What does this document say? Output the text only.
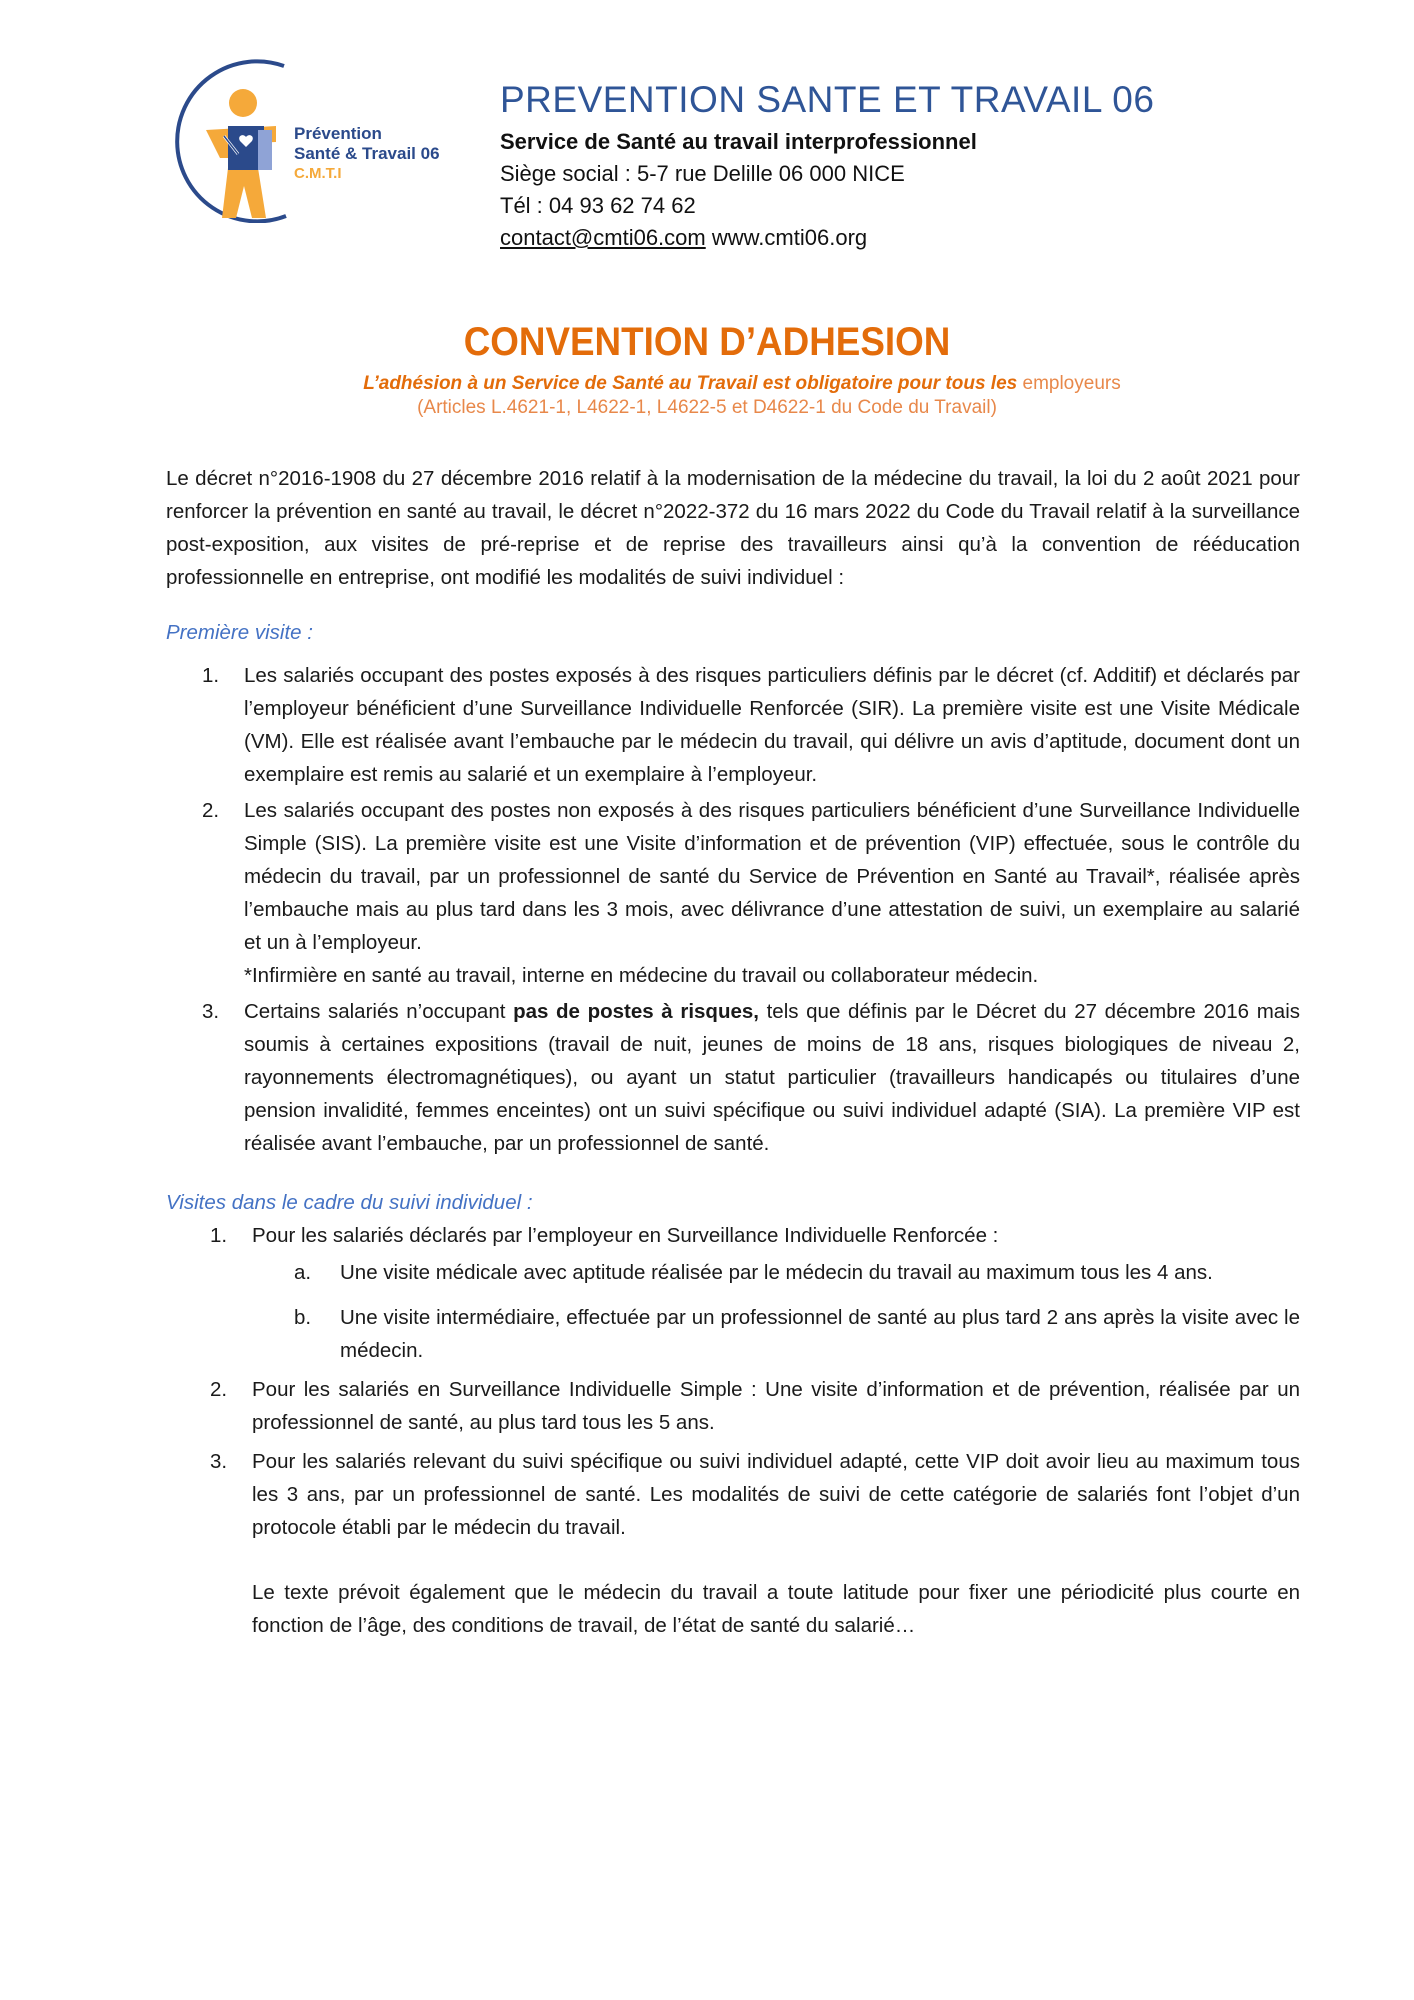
Prévention
Santé & Travail 06
C.M.T.I
PREVENTION SANTE ET TRAVAIL 06
Service de Santé au travail interprofessionnel
Siège social : 5-7 rue Delille 06 000 NICE
Tél : 04 93 62 74 62
contact@cmti06.com www.cmti06.org
CONVENTION D’ADHESION
L’adhésion à un Service de Santé au Travail est obligatoire pour tous les employeurs
(Articles L.4621-1, L4622-1, L4622-5 et D4622-1 du Code du Travail)

Le décret n°2016-1908 du 27 décembre 2016 relatif à la modernisation de la médecine du travail, la loi du 2 août 2021 pour renforcer la prévention en santé au travail, le décret n°2022-372 du 16 mars 2022 du Code du Travail relatif à la surveillance post-exposition, aux visites de pré-reprise et de reprise des travailleurs ainsi qu’à la convention de rééducation professionnelle en entreprise, ont modifié les modalités de suivi individuel :

Première visite :

1. Les salariés occupant des postes exposés à des risques particuliers définis par le décret (cf. Additif) et déclarés par l’employeur bénéficient d’une Surveillance Individuelle Renforcée (SIR). La première visite est une Visite Médicale (VM). Elle est réalisée avant l’embauche par le médecin du travail, qui délivre un avis d’aptitude, document dont un exemplaire est remis au salarié et un exemplaire à l’employeur.
2. Les salariés occupant des postes non exposés à des risques particuliers bénéficient d’une Surveillance Individuelle Simple (SIS). La première visite est une Visite d’information et de prévention (VIP) effectuée, sous le contrôle du médecin du travail, par un professionnel de santé du Service de Prévention en Santé au Travail*, réalisée après l’embauche mais au plus tard dans les 3 mois, avec délivrance d’une attestation de suivi, un exemplaire au salarié et un à l’employeur.
*Infirmière en santé au travail, interne en médecine du travail ou collaborateur médecin.
3. Certains salariés n’occupant pas de postes à risques, tels que définis par le Décret du 27 décembre 2016 mais soumis à certaines expositions (travail de nuit, jeunes de moins de 18 ans, risques biologiques de niveau 2, rayonnements électromagnétiques), ou ayant un statut particulier (travailleurs handicapés ou titulaires d’une pension invalidité, femmes enceintes) ont un suivi spécifique ou suivi individuel adapté (SIA). La première VIP est réalisée avant l’embauche, par un professionnel de santé.

Visites dans le cadre du suivi individuel :

1. Pour les salariés déclarés par l’employeur en Surveillance Individuelle Renforcée :
a. Une visite médicale avec aptitude réalisée par le médecin du travail au maximum tous les 4 ans.
b. Une visite intermédiaire, effectuée par un professionnel de santé au plus tard 2 ans après la visite avec le médecin.
2. Pour les salariés en Surveillance Individuelle Simple : Une visite d’information et de prévention, réalisée par un professionnel de santé, au plus tard tous les 5 ans.
3. Pour les salariés relevant du suivi spécifique ou suivi individuel adapté, cette VIP doit avoir lieu au maximum tous les 3 ans, par un professionnel de santé. Les modalités de suivi de cette catégorie de salariés font l’objet d’un protocole établi par le médecin du travail.

Le texte prévoit également que le médecin du travail a toute latitude pour fixer une périodicité plus courte en fonction de l’âge, des conditions de travail, de l’état de santé du salarié…
